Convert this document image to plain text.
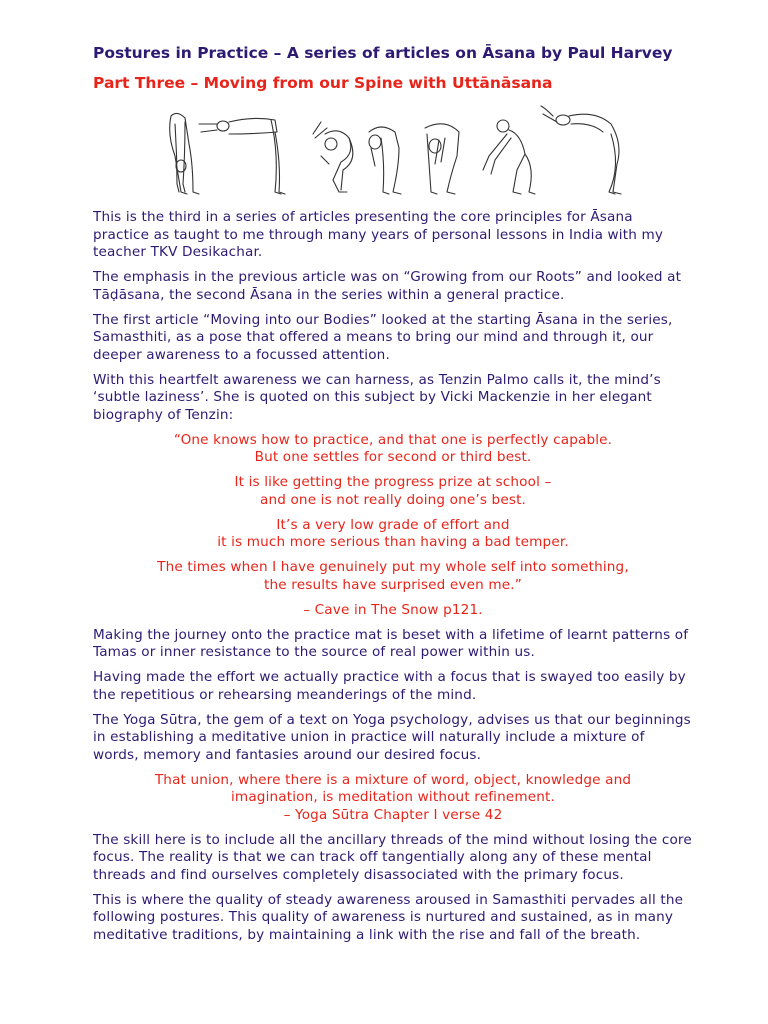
Postures in Practice – A series of articles on Āsana by Paul Harvey
Part Three – Moving from our Spine with Uttānāsana

This is the third in a series of articles presenting the core principles for Āsana practice as taught to me through many years of personal lessons in India with my teacher TKV Desikachar.

The emphasis in the previous article was on “Growing from our Roots” and looked at Tāḍāsana, the second Āsana in the series within a general practice.

The first article “Moving into our Bodies” looked at the starting Āsana in the series, Samasthiti, as a pose that offered a means to bring our mind and through it, our deeper awareness to a focussed attention.

With this heartfelt awareness we can harness, as Tenzin Palmo calls it, the mind’s ‘subtle laziness’. She is quoted on this subject by Vicki Mackenzie in her elegant biography of Tenzin:

“One knows how to practice, and that one is perfectly capable.
But one settles for second or third best.
It is like getting the progress prize at school –
and one is not really doing one’s best.
It’s a very low grade of effort and
it is much more serious than having a bad temper.
The times when I have genuinely put my whole self into something,
the results have surprised even me.”
– Cave in The Snow p121.

Making the journey onto the practice mat is beset with a lifetime of learnt patterns of Tamas or inner resistance to the source of real power within us.

Having made the effort we actually practice with a focus that is swayed too easily by the repetitious or rehearsing meanderings of the mind.

The Yoga Sūtra, the gem of a text on Yoga psychology, advises us that our beginnings in establishing a meditative union in practice will naturally include a mixture of words, memory and fantasies around our desired focus.

That union, where there is a mixture of word, object, knowledge and
imagination, is meditation without refinement.
– Yoga Sūtra Chapter I verse 42

The skill here is to include all the ancillary threads of the mind without losing the core focus. The reality is that we can track off tangentially along any of these mental threads and find ourselves completely disassociated with the primary focus.

This is where the quality of steady awareness aroused in Samasthiti pervades all the following postures. This quality of awareness is nurtured and sustained, as in many meditative traditions, by maintaining a link with the rise and fall of the breath.
